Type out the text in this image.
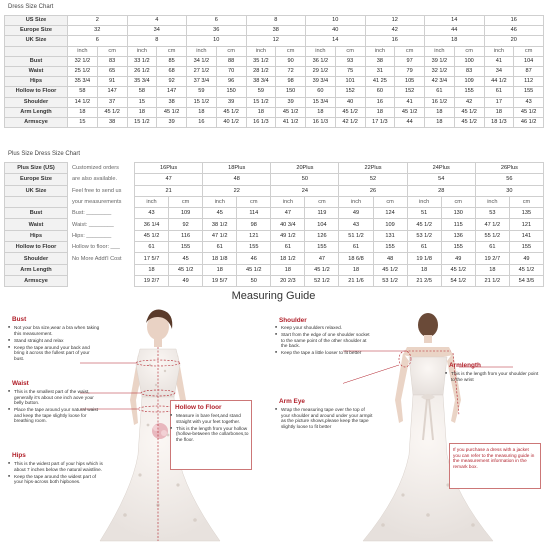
Dress Size Chart
US Size	2		4		6		8		10		12		14		16	
Europe Size	32		34		36		38		40		42		44		46	
UK Size	6		8		10		12		14		16		18		20	
	inch	cm	inch	cm	inch	cm	inch	cm	inch	cm	inch	cm	inch	cm	inch	cm
Bust	32 1/2	83	33 1/2	85	34 1/2	88	35 1/2	90	36 1/2	93	38	97	39 1/2	100	41	104
Waist	25 1/2	65	26 1/2	68	27 1/2	70	28 1/2	72	29 1/2	75	31	79	32 1/2	83	34	87
Hips	35 3/4	91	35 3/4	92	37 3/4	96	38 3/4	98	39 3/4	101	41 25	105	42 3/4	109	44 1/2	112
Hollow to Floor	58	147	58	147	59	150	59	150	60	152	60	152	61	155	61	155
Shoulder	14 1/2	37	15	38	15 1/2	39	15 1/2	39	15 3/4	40	16	41	16 1/2	42	17	43
Arm Length	18	45 1/2	18	45 1/2	18	45 1/2	18	45 1/2	18	45 1/2	18	45 1/2	18	45 1/2	18	45 1/2
Armscye	15	38	15 1/2	39	16	40 1/2	16 1/3	41 1/2	16 1/3	42 1/2	17 1/3	44	18	45 1/2	18 1/3	46 1/2
Plus Size Dress Size Chart
Plus Size (US)	Customized orders	16Plus		18Plus		20Plus		22Plus		24Plus		26Plus	
Europe Size	are also available.	47		48		50		52		54		56	
UK Size	Feel free to send us	21		22		24		26		28		30	
	your measurements	inch	cm	inch	cm	inch	cm	inch	cm	inch	cm	inch	cm
Bust	Bust: ________	43	109	45	114	47	119	49	124	51	130	53	135
Waist	Waist: ________	36 1/4	92	38 1/2	98	40 3/4	104	43	109	45 1/2	115	47 1/2	121
Hips	Hips: ________	45 1/2	116	47 1/2	121	49 1/2	126	51 1/2	131	53 1/2	136	55 1/2	141
Hollow to Floor	Hollow to floor: ___	61	155	61	155	61	155	61	155	61	155	61	155
Shoulder	No More Addt'l Cost	17 5/7	45	18 1/8	46	18 1/2	47	18 6/8	48	19 1/8	49	19 2/7	49
Arm Length		18	45 1/2	18	45 1/2	18	45 1/2	18	45 1/2	18	45 1/2	18	45 1/2
Armscye		19 2/7	49	19 5/7	50	20 2/3	52 1/2	21 1/6	53 1/2	21 2/5	54 1/2	21 1/2	54 3/5
Measuring Guide
Bust

■ Not your bra size,wear a bra when taking this measurement.

■ Stand straight and relax

■ Keep the tape around your back and bring it across the fullest part of your bust.

Waist

■ This is the smallest part of the waist, generally it's about one inch aove your belly button.

■ Place the tape around your natural waist and keep the tape slightly loose for breathing room.

Hips

■ This is the widest part of your hips which is about 7 inches below the natural waistline.

■ Keep the tape around the widest part of your hips-across both hipbones.

Hollow to Floor

■ Measure in bare feet,and stand straight with your feet together.

■ This is the length from your hollow (hollow-between the collarbones,to the floor.

Shoulder

■ Keep your shoulders relaxed.

■ Start from the edge of one shoulder socket to the same point of the other shoulder at the back.

■ Keep the tape a little looser to fit better

Arm Eye

■ Wrap the measuring tape over the top of your shoulder and around under your armpit as the picture shows,please keep the tape slightly loose to fit better

Armlength

■ This is the length from your shoulder point to the wrist

If you purchase a dress with a jacket you can refer to the measuring guide in the measurement information in the remark box.
